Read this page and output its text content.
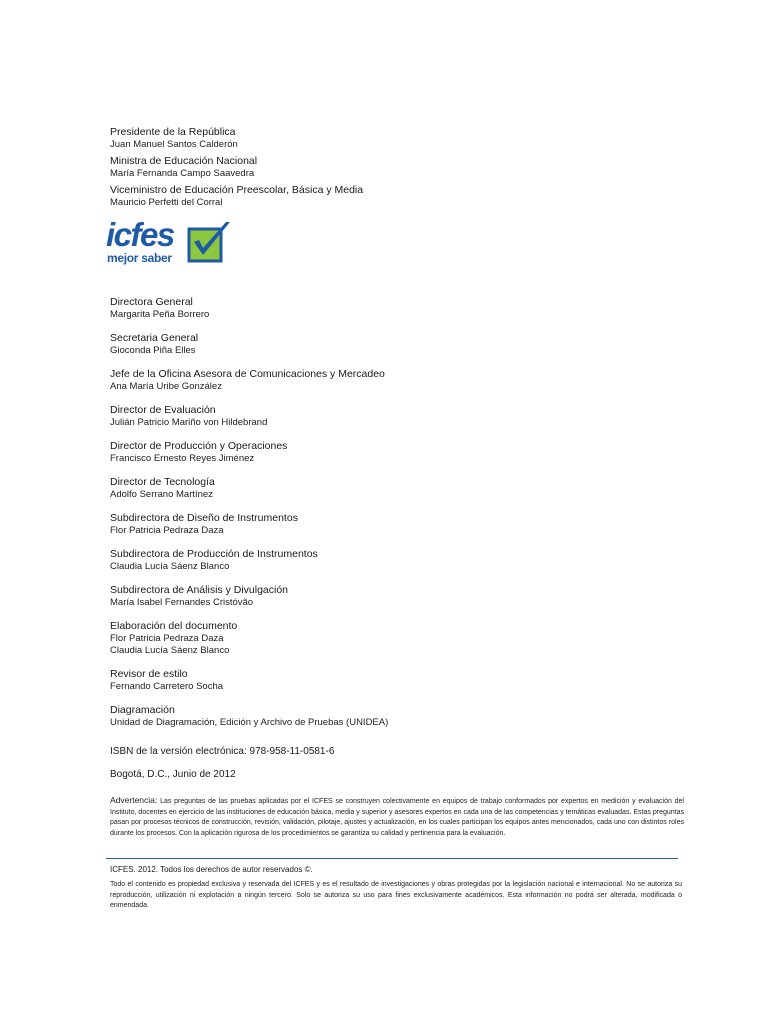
Presidente de la República
Juan Manuel Santos Calderón
Ministra de Educación Nacional
María Fernanda Campo Saavedra
Viceministro de Educación Preescolar, Básica y Media
Mauricio Perfetti del Corral
icfes
mejor saber
Directora General
Margarita Peña Borrero
Secretaria General
Gioconda Piña Elles
Jefe de la Oficina Asesora de Comunicaciones y Mercadeo
Ana María Uribe González
Director de Evaluación
Julián Patricio Mariño von Hildebrand
Director de Producción y Operaciones
Francisco Ernesto Reyes Jiménez
Director de Tecnología
Adolfo Serrano Martínez
Subdirectora de Diseño de Instrumentos
Flor Patricia Pedraza Daza
Subdirectora de Producción de Instrumentos
Claudia Lucía Sáenz Blanco
Subdirectora de Análisis y Divulgación
María Isabel Fernandes Cristóvão
Elaboración del documento
Flor Patricia Pedraza Daza
Claudia Lucía Sáenz Blanco
Revisor de estilo
Fernando Carretero Socha
Diagramación
Unidad de Diagramación, Edición y Archivo de Pruebas (UNIDEA)
ISBN de la versión electrónica: 978-958-11-0581-6
Bogotá, D.C., Junio de 2012
Advertencia: Las preguntas de las pruebas aplicadas por el ICFES se construyen colectivamente en equipos de trabajo conformados por expertos en medición y evaluación del Instituto, docentes en ejercicio de las instituciones de educación básica, media y superior y asesores expertos en cada una de las competencias y temáticas evaluadas. Estas preguntas pasan por procesos técnicos de construcción, revisión, validación, pilotaje, ajustes y actualización, en los cuales participan los equipos antes mencionados, cada uno con distintos roles durante los procesos. Con la aplicación rigurosa de los procedimientos se garantiza su calidad y pertinencia para la evaluación.
ICFES. 2012. Todos los derechos de autor reservados ©.
Todo el contenido es propiedad exclusiva y reservada del ICFES y es el resultado de investigaciones y obras protegidas por la legislación nacional e internacional. No se autoriza su reproducción, utilización ni explotación a ningún tercero. Solo se autoriza su uso para fines exclusivamente académicos. Esta información no podrá ser alterada, modificada o enmendada.
